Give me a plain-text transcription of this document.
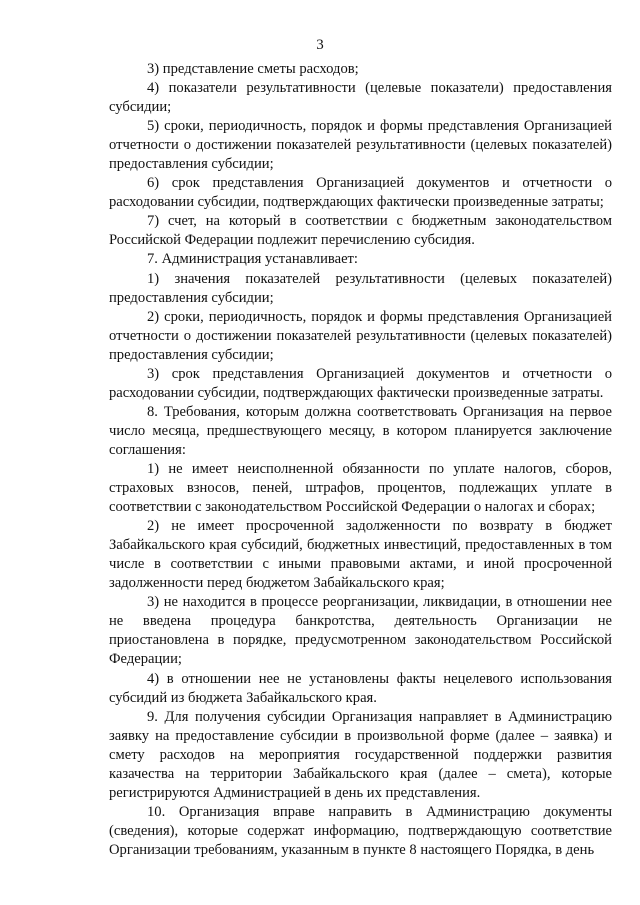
3

3) представление сметы расходов;

4) показатели результативности (целевые показатели) предоставления субсидии;

5) сроки, периодичность, порядок и формы представления Организацией отчетности о достижении показателей результативности (целевых показателей) предоставления субсидии;

6) срок представления Организацией документов и отчетности о расходовании субсидии, подтверждающих фактически произведенные затраты;

7) счет, на который в соответствии с бюджетным законодательством Российской Федерации подлежит перечислению субсидия.

7. Администрация устанавливает:

1) значения показателей результативности (целевых показателей) предоставления субсидии;

2) сроки, периодичность, порядок и формы представления Организацией отчетности о достижении показателей результативности (целевых показателей) предоставления субсидии;

3) срок представления Организацией документов и отчетности о расходовании субсидии, подтверждающих фактически произведенные затраты.

8. Требования, которым должна соответствовать Организация на первое число месяца, предшествующего месяцу, в котором планируется заключение соглашения:

1) не имеет неисполненной обязанности по уплате налогов, сборов, страховых взносов, пеней, штрафов, процентов, подлежащих уплате в соответствии с законодательством Российской Федерации о налогах и сборах;

2) не имеет просроченной задолженности по возврату в бюджет Забайкальского края субсидий, бюджетных инвестиций, предоставленных в том числе в соответствии с иными правовыми актами, и иной просроченной задолженности перед бюджетом Забайкальского края;

3) не находится в процессе реорганизации, ликвидации, в отношении нее не введена процедура банкротства, деятельность Организации не приостановлена в порядке, предусмотренном законодательством Российской Федерации;

4) в отношении нее не установлены факты нецелевого использования субсидий из бюджета Забайкальского края.

9. Для получения субсидии Организация направляет в Администрацию заявку на предоставление субсидии в произвольной форме (далее – заявка) и смету расходов на мероприятия государственной поддержки развития казачества на территории Забайкальского края (далее – смета), которые регистрируются Администрацией в день их представления.

10. Организация вправе направить в Администрацию документы (сведения), которые содержат информацию, подтверждающую соответствие Организации требованиям, указанным в пункте 8 настоящего Порядка, в день
